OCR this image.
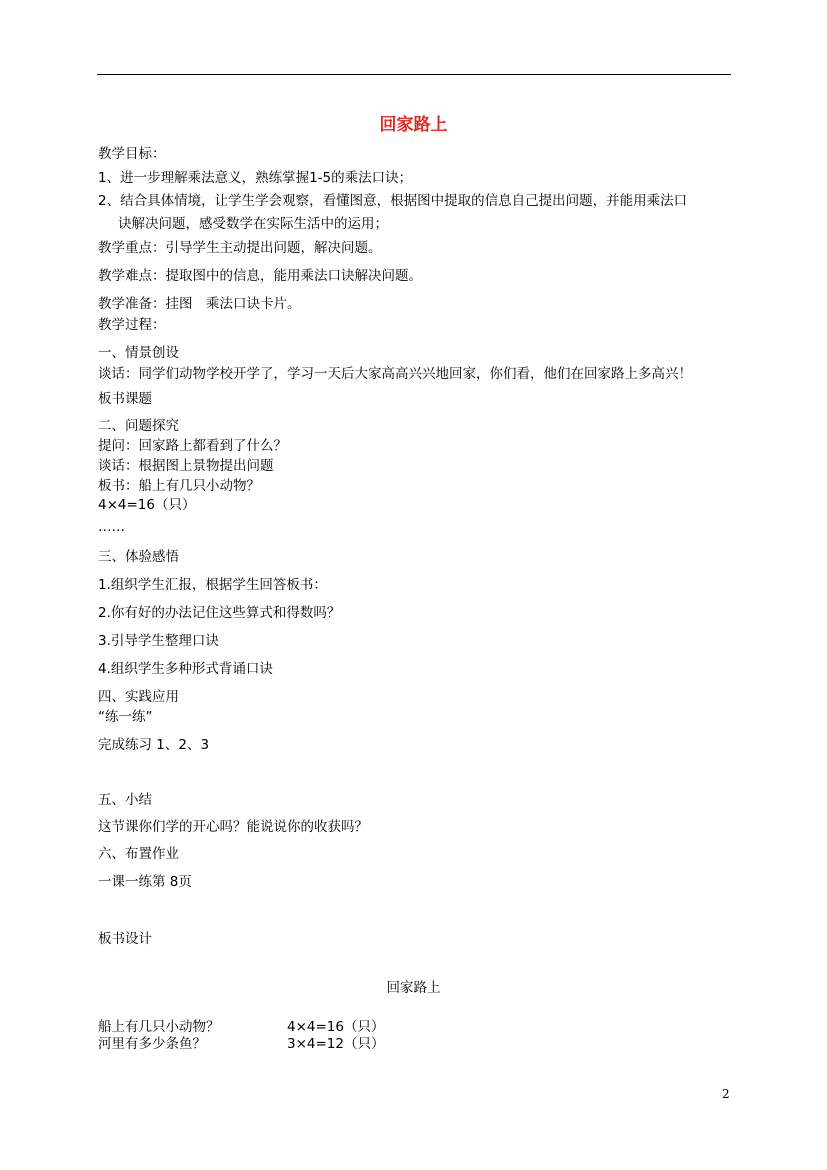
回家路上
教学目标：
1、进一步理解乘法意义，熟练掌握1-5的乘法口诀；
2、结合具体情境，让学生学会观察，看懂图意，根据图中提取的信息自己提出问题，并能用乘法口
诀解决问题，感受数学在实际生活中的运用；
教学重点：引导学生主动提出问题，解决问题。
教学难点：提取图中的信息，能用乘法口诀解决问题。
教学准备：挂图　乘法口诀卡片。
教学过程：
一、情景创设
谈话：同学们动物学校开学了，学习一天后大家高高兴兴地回家，你们看，他们在回家路上多高兴！
板书课题
二、问题探究
提问：回家路上都看到了什么？
谈话：根据图上景物提出问题
板书：船上有几只小动物？
4×4=16（只）
……
三、体验感悟
1.组织学生汇报，根据学生回答板书：
2.你有好的办法记住这些算式和得数吗？
3.引导学生整理口诀
4.组织学生多种形式背诵口诀
四、实践应用
“练一练”
完成练习 1、2、3
五、小结
这节课你们学的开心吗？能说说你的收获吗？
六、布置作业
一课一练第 8页
板书设计
回家路上
船上有几只小动物？	4×4=16（只）
河里有多少条鱼？	3×4=12（只）
2
